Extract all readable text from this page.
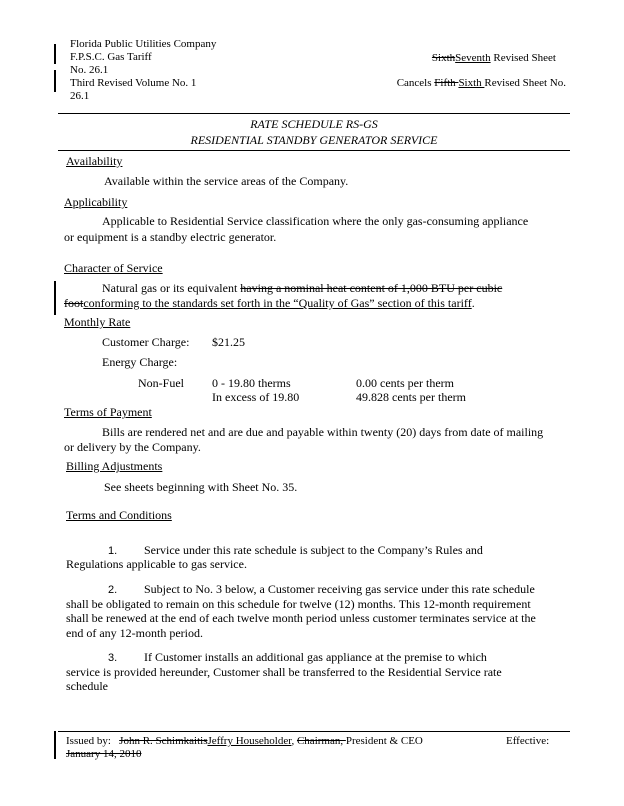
Florida Public Utilities Company
F.P.S.C. Gas Tariff
No. 26.1
Third Revised Volume No. 1
26.1
SixthSeventh Revised Sheet
Cancels Fifth Sixth Revised Sheet No.
RATE SCHEDULE RS-GS
RESIDENTIAL STANDBY GENERATOR SERVICE
Availability
Available within the service areas of the Company.
Applicability
Applicable to Residential Service classification where the only gas-consuming appliance
or equipment is a standby electric generator.
Character of Service
Natural gas or its equivalent having a nominal heat content of 1,000 BTU per cubic
footconforming to the standards set forth in the “Quality of Gas” section of this tariff.
Monthly Rate
Customer Charge: $21.25
Energy Charge:
Non-Fuel 0 - 19.80 therms	0.00 cents per therm
In excess of 19.80	49.828 cents per therm
Terms of Payment
Bills are rendered net and are due and payable within twenty (20) days from date of mailing
or delivery by the Company.
Billing Adjustments
See sheets beginning with Sheet No. 35.
Terms and Conditions
1. Service under this rate schedule is subject to the Company’s Rules and
Regulations applicable to gas service.
2. Subject to No. 3 below, a Customer receiving gas service under this rate schedule
shall be obligated to remain on this schedule for twelve (12) months. This 12-month requirement
shall be renewed at the end of each twelve month period unless customer terminates service at the
end of any 12-month period.
3. If Customer installs an additional gas appliance at the premise to which
service is provided hereunder, Customer shall be transferred to the Residential Service rate
schedule
Issued by: John R. SchimkaitisJeffry Householder, Chairman, President & CEO	Effective:
January 14, 2010
